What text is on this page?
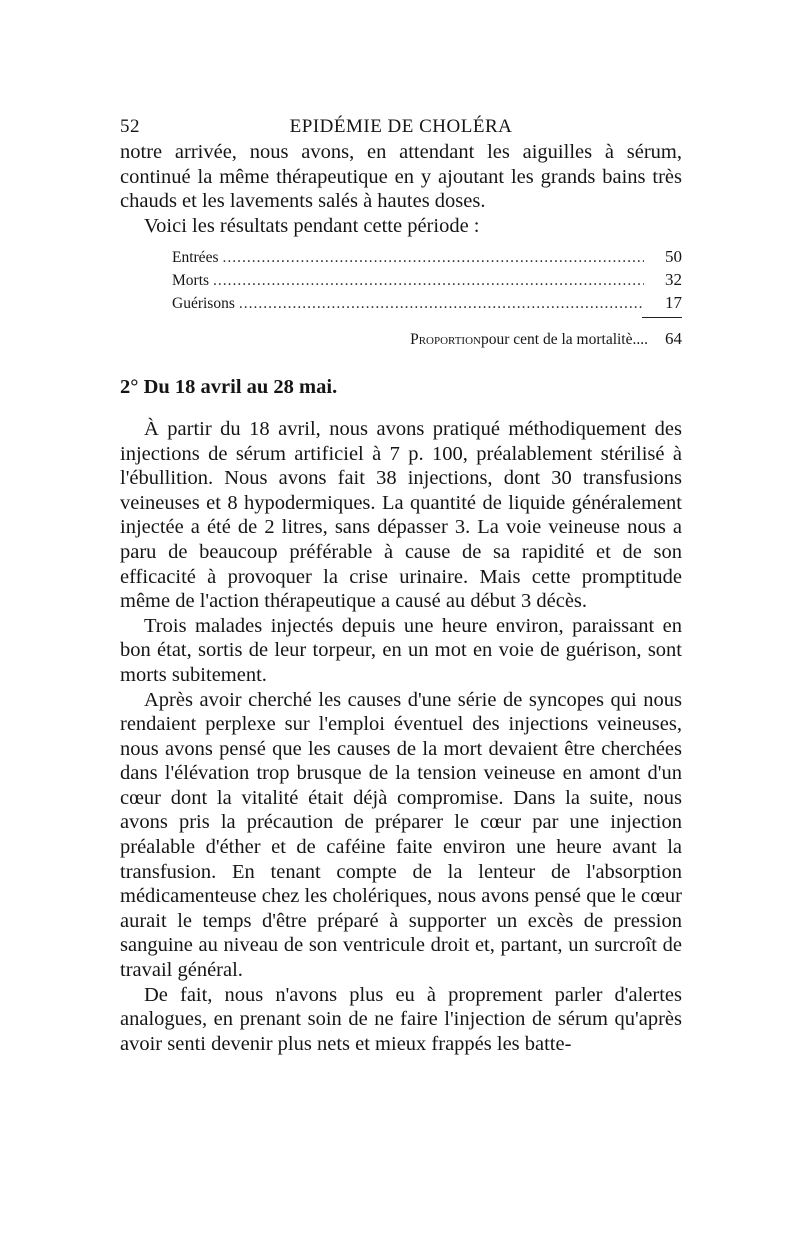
52	EPIDÉMIE DE CHOLÉRA

notre arrivée, nous avons, en attendant les aiguilles à sérum, continué la même thérapeutique en y ajoutant les grands bains très chauds et les lavements salés à hautes doses.

Voici les résultats pendant cette période :

Entrées .....	50
Morts .....	32
Guérisons .....	17
Proportion pour cent de la mortalitè....	64
2° Du 18 avril au 28 mai.

À partir du 18 avril, nous avons pratiqué méthodiquement des injections de sérum artificiel à 7 p. 100, préalablement stérilisé à l'ébullition. Nous avons fait 38 injections, dont 30 transfusions veineuses et 8 hypodermiques. La quantité de liquide généralement injectée a été de 2 litres, sans dépasser 3. La voie veineuse nous a paru de beaucoup préférable à cause de sa rapidité et de son efficacité à provoquer la crise urinaire. Mais cette promptitude même de l'action thérapeutique a causé au début 3 décès.

Trois malades injectés depuis une heure environ, paraissant en bon état, sortis de leur torpeur, en un mot en voie de guérison, sont morts subitement.

Après avoir cherché les causes d'une série de syncopes qui nous rendaient perplexe sur l'emploi éventuel des injections veineuses, nous avons pensé que les causes de la mort devaient être cherchées dans l'élévation trop brusque de la tension veineuse en amont d'un cœur dont la vitalité était déjà compromise. Dans la suite, nous avons pris la précaution de préparer le cœur par une injection préalable d'éther et de caféine faite environ une heure avant la transfusion. En tenant compte de la lenteur de l'absorption médicamenteuse chez les cholériques, nous avons pensé que le cœur aurait le temps d'être préparé à supporter un excès de pression sanguine au niveau de son ventricule droit et, partant, un surcroît de travail général.

De fait, nous n'avons plus eu à proprement parler d'alertes analogues, en prenant soin de ne faire l'injection de sérum qu'après avoir senti devenir plus nets et mieux frappés les batte-
